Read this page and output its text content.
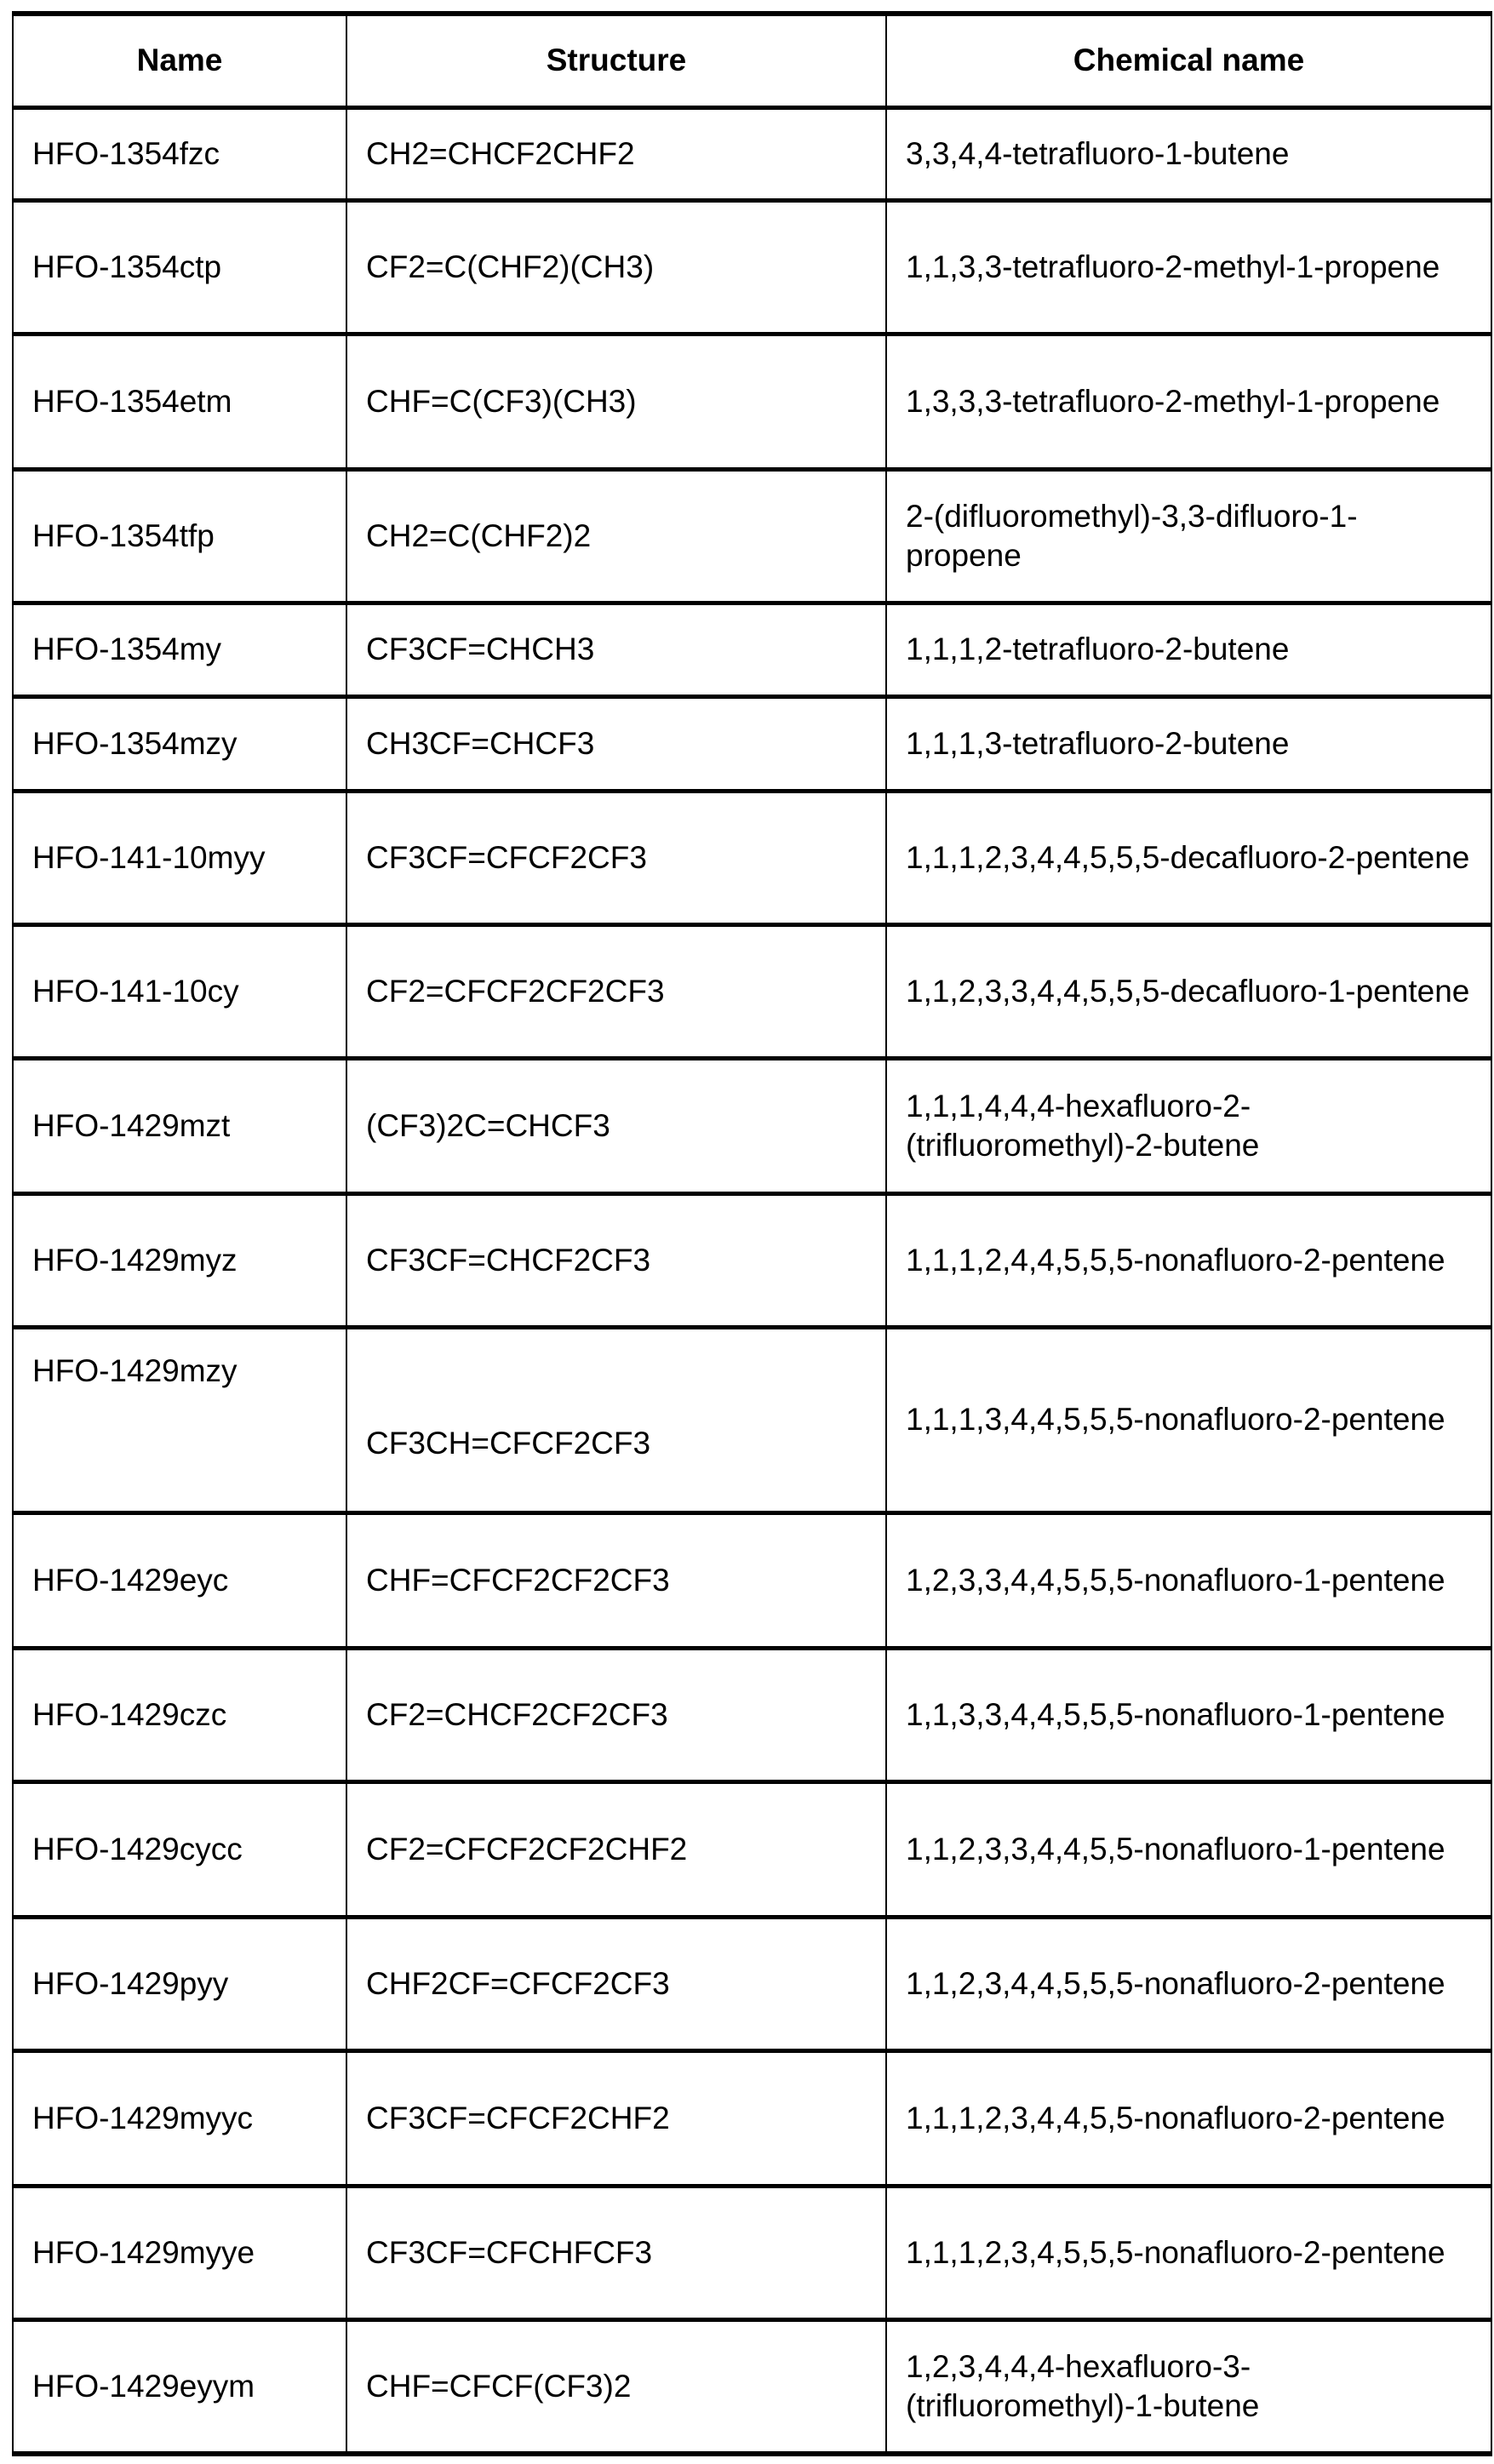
Name	Structure	Chemical name
HFO-1354fzc	CH2=CHCF2CHF2	3,3,4,4-tetrafluoro-1-butene
HFO-1354ctp	CF2=C(CHF2)(CH3)	1,1,3,3-tetrafluoro-2-methyl-1-propene
HFO-1354etm	CHF=C(CF3)(CH3)	1,3,3,3-tetrafluoro-2-methyl-1-propene
HFO-1354tfp	CH2=C(CHF2)2	2-(difluoromethyl)-3,3-difluoro-1-propene
HFO-1354my	CF3CF=CHCH3	1,1,1,2-tetrafluoro-2-butene
HFO-1354mzy	CH3CF=CHCF3	1,1,1,3-tetrafluoro-2-butene
HFO-141-10myy	CF3CF=CFCF2CF3	1,1,1,2,3,4,4,5,5,5-decafluoro-2-pentene
HFO-141-10cy	CF2=CFCF2CF2CF3	1,1,2,3,3,4,4,5,5,5-decafluoro-1-pentene
HFO-1429mzt	(CF3)2C=CHCF3	1,1,1,4,4,4-hexafluoro-2-(trifluoromethyl)-2-butene
HFO-1429myz	CF3CF=CHCF2CF3	1,1,1,2,4,4,5,5,5-nonafluoro-2-pentene
HFO-1429mzy	CF3CH=CFCF2CF3	1,1,1,3,4,4,5,5,5-nonafluoro-2-pentene
HFO-1429eyc	CHF=CFCF2CF2CF3	1,2,3,3,4,4,5,5,5-nonafluoro-1-pentene
HFO-1429czc	CF2=CHCF2CF2CF3	1,1,3,3,4,4,5,5,5-nonafluoro-1-pentene
HFO-1429cycc	CF2=CFCF2CF2CHF2	1,1,2,3,3,4,4,5,5-nonafluoro-1-pentene
HFO-1429pyy	CHF2CF=CFCF2CF3	1,1,2,3,4,4,5,5,5-nonafluoro-2-pentene
HFO-1429myyc	CF3CF=CFCF2CHF2	1,1,1,2,3,4,4,5,5-nonafluoro-2-pentene
HFO-1429myye	CF3CF=CFCHFCF3	1,1,1,2,3,4,5,5,5-nonafluoro-2-pentene
HFO-1429eyym	CHF=CFCF(CF3)2	1,2,3,4,4,4-hexafluoro-3-(trifluoromethyl)-1-butene
